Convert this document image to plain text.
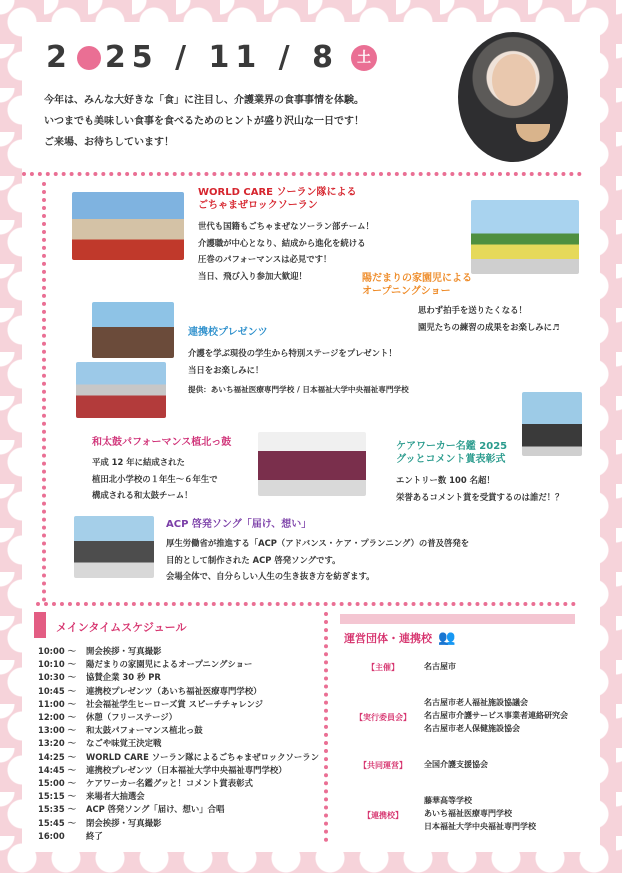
2 25 / 11 / 8	土
今年は、みんな大好きな「食」に注目し、介護業界の食事事情を体験。
いつまでも美味しい食事を食べるためのヒントが盛り沢山な一日です！
ご来場、お待ちしています！
WORLD CARE ソーラン隊による
ごちゃまぜロックソーラン
世代も国籍もごちゃまぜなソーラン部チーム！
介護職が中心となり、結成から進化を続ける
圧巻のパフォーマンスは必見です！
当日、飛び入り参加大歓迎！	陽だまりの家園児による
オープニングショー
思わず拍手を送りたくなる！
園児たちの練習の成果をお楽しみに♬
連携校プレゼンツ
介護を学ぶ現役の学生から特別ステージをプレゼント！
当日をお楽しみに！
提供：あいち福祉医療専門学校 / 日本福祉大学中央福祉専門学校
和太鼓パフォーマンス植北っ鼓
平成 12 年に結成された
植田北小学校の１年生～６年生で
構成される和太鼓チーム！
ケアワーカー名鑑 2025
グッとコメント賞表彰式
エントリー数 100 名超！
栄誉あるコメント賞を受賞するのは誰だ！？
ACP 啓発ソング「届け、想い」
厚生労働省が推進する「ACP（アドバンス・ケア・プランニング）の普及啓発を
目的として制作された ACP 啓発ソングです。
会場全体で、自分らしい人生の生き抜き方を紡ぎます。
メインタイムスケジュール
10:00 ～	開会挨拶・写真撮影
10:10 ～	陽だまりの家園児によるオープニングショー
10:30 ～	協賛企業 30 秒 PR
10:45 ～	連携校プレゼンツ（あいち福祉医療専門学校）
11:00 ～	社会福祉学生ヒーローズ賞 スピーチチャレンジ
12:00 ～	休憩（フリーステージ）
13:00 ～	和太鼓パフォーマンス植北っ鼓
13:20 ～	なごや味覚王決定戦
14:25 ～	WORLD CARE ソーラン隊によるごちゃまぜロックソーラン
14:45 ～	連携校プレゼンツ（日本福祉大学中央福祉専門学校）
15:00 ～	ケアワーカー名鑑グッと！コメント賞表彰式
15:15 ～	来場者大抽選会
15:35 ～	ACP 啓発ソング「届け、想い」合唱
15:45 ～	閉会挨拶・写真撮影
16:00	終了
運営団体・連携校 👥
【主催】	名古屋市
【実行委員会】
名古屋市老人福祉施設協議会
名古屋市介護サービス事業者連絡研究会
名古屋市老人保健施設協会
【共同運営】	全国介護支援協会
【連携校】
藤華高等学校
あいち福祉医療専門学校
日本福祉大学中央福祉専門学校
